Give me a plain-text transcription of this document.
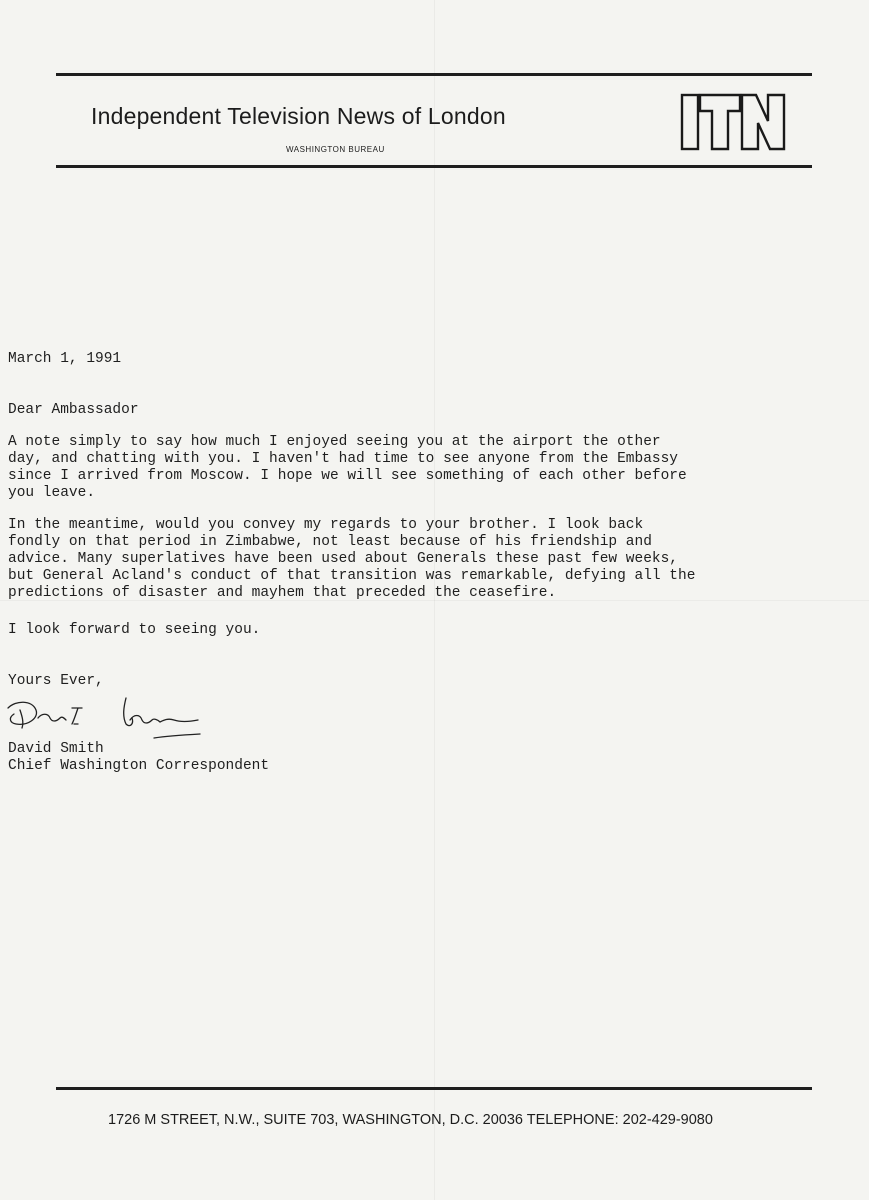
Independent Television News of London
WASHINGTON BUREAU

March 1, 1991

Dear Ambassador

A note simply to say how much I enjoyed seeing you at the airport the other
day, and chatting with you. I haven't had time to see anyone from the Embassy
since I arrived from Moscow. I hope we will see something of each other before
you leave.

In the meantime, would you convey my regards to your brother. I look back
fondly on that period in Zimbabwe, not least because of his friendship and
advice. Many superlatives have been used about Generals these past few weeks,
but General Acland's conduct of that transition was remarkable, defying all the
predictions of disaster and mayhem that preceded the ceasefire.

I look forward to seeing you.

Yours Ever,

David Smith

Chief Washington Correspondent

1726 M STREET, N.W., SUITE 703, WASHINGTON, D.C. 20036 TELEPHONE: 202-429-9080
